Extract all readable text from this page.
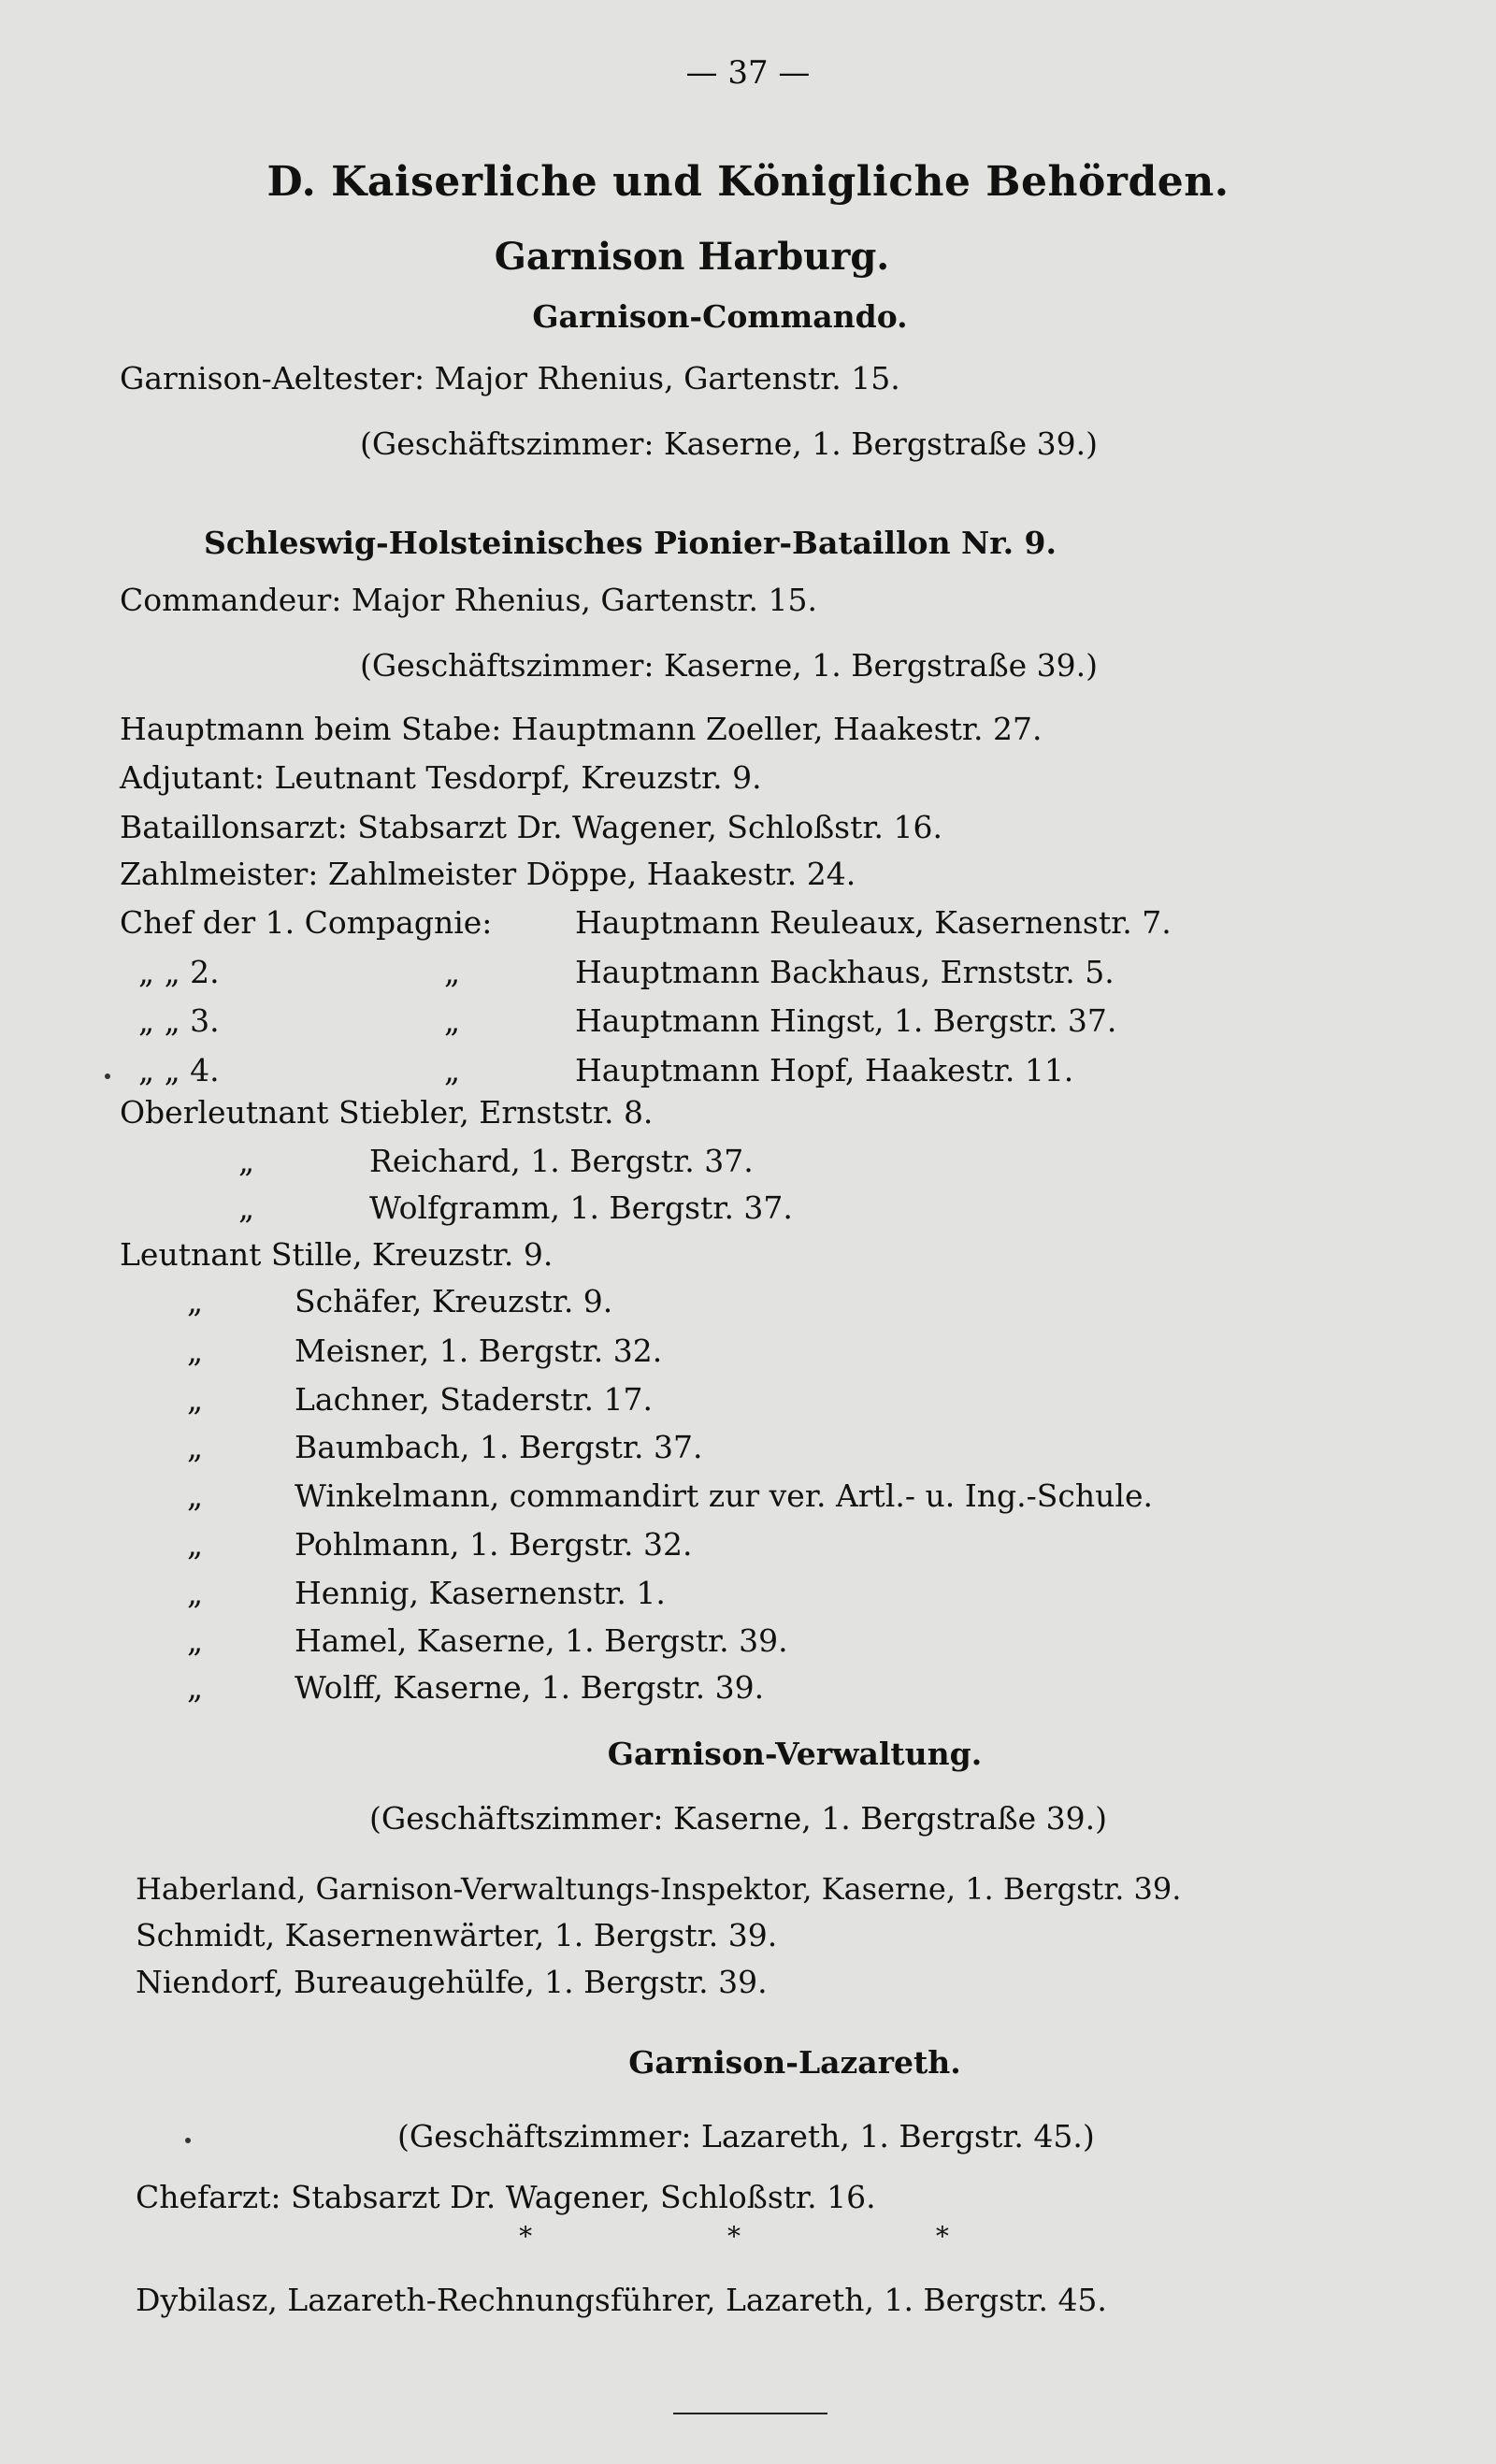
— 37 —
D. Kaiserliche und Königliche Behörden.
Garnison Harburg.
Garnison-Commando.
Garnison-Aeltester: Major Rhenius, Gartenstr. 15.
(Geschäftszimmer: Kaserne, 1. Bergstraße 39.)
Schleswig-Holsteinisches Pionier-Bataillon Nr. 9.
Commandeur: Major Rhenius, Gartenstr. 15.
(Geschäftszimmer: Kaserne, 1. Bergstraße 39.)
Hauptmann beim Stabe: Hauptmann Zoeller, Haakestr. 27.
Adjutant: Leutnant Tesdorpf, Kreuzstr. 9.
Bataillonsarzt: Stabsarzt Dr. Wagener, Schloßstr. 16.
Zahlmeister: Zahlmeister Döppe, Haakestr. 24.
Chef der 1. Compagnie:	Hauptmann Reuleaux, Kasernenstr. 7.
„ „ 2.	„	Hauptmann Backhaus, Ernststr. 5.
„ „ 3.	„	Hauptmann Hingst, 1. Bergstr. 37.
„ „ 4.	„	Hauptmann Hopf, Haakestr. 11.
Oberleutnant Stiebler, Ernststr. 8.
„	Reichard, 1. Bergstr. 37.
„	Wolfgramm, 1. Bergstr. 37.
Leutnant Stille, Kreuzstr. 9.
„	Schäfer, Kreuzstr. 9.
„	Meisner, 1. Bergstr. 32.
„	Lachner, Staderstr. 17.
„	Baumbach, 1. Bergstr. 37.
„	Winkelmann, commandirt zur ver. Artl.- u. Ing.-Schule.
„	Pohlmann, 1. Bergstr. 32.
„	Hennig, Kasernenstr. 1.
„	Hamel, Kaserne, 1. Bergstr. 39.
„	Wolff, Kaserne, 1. Bergstr. 39.
Garnison-Verwaltung.
(Geschäftszimmer: Kaserne, 1. Bergstraße 39.)
Haberland, Garnison-Verwaltungs-Inspektor, Kaserne, 1. Bergstr. 39.
Schmidt, Kasernenwärter, 1. Bergstr. 39.
Niendorf, Bureaugehülfe, 1. Bergstr. 39.
Garnison-Lazareth.
(Geschäftszimmer: Lazareth, 1. Bergstr. 45.)
Chefarzt: Stabsarzt Dr. Wagener, Schloßstr. 16.
* * *
Dybilasz, Lazareth-Rechnungsführer, Lazareth, 1. Bergstr. 45.
